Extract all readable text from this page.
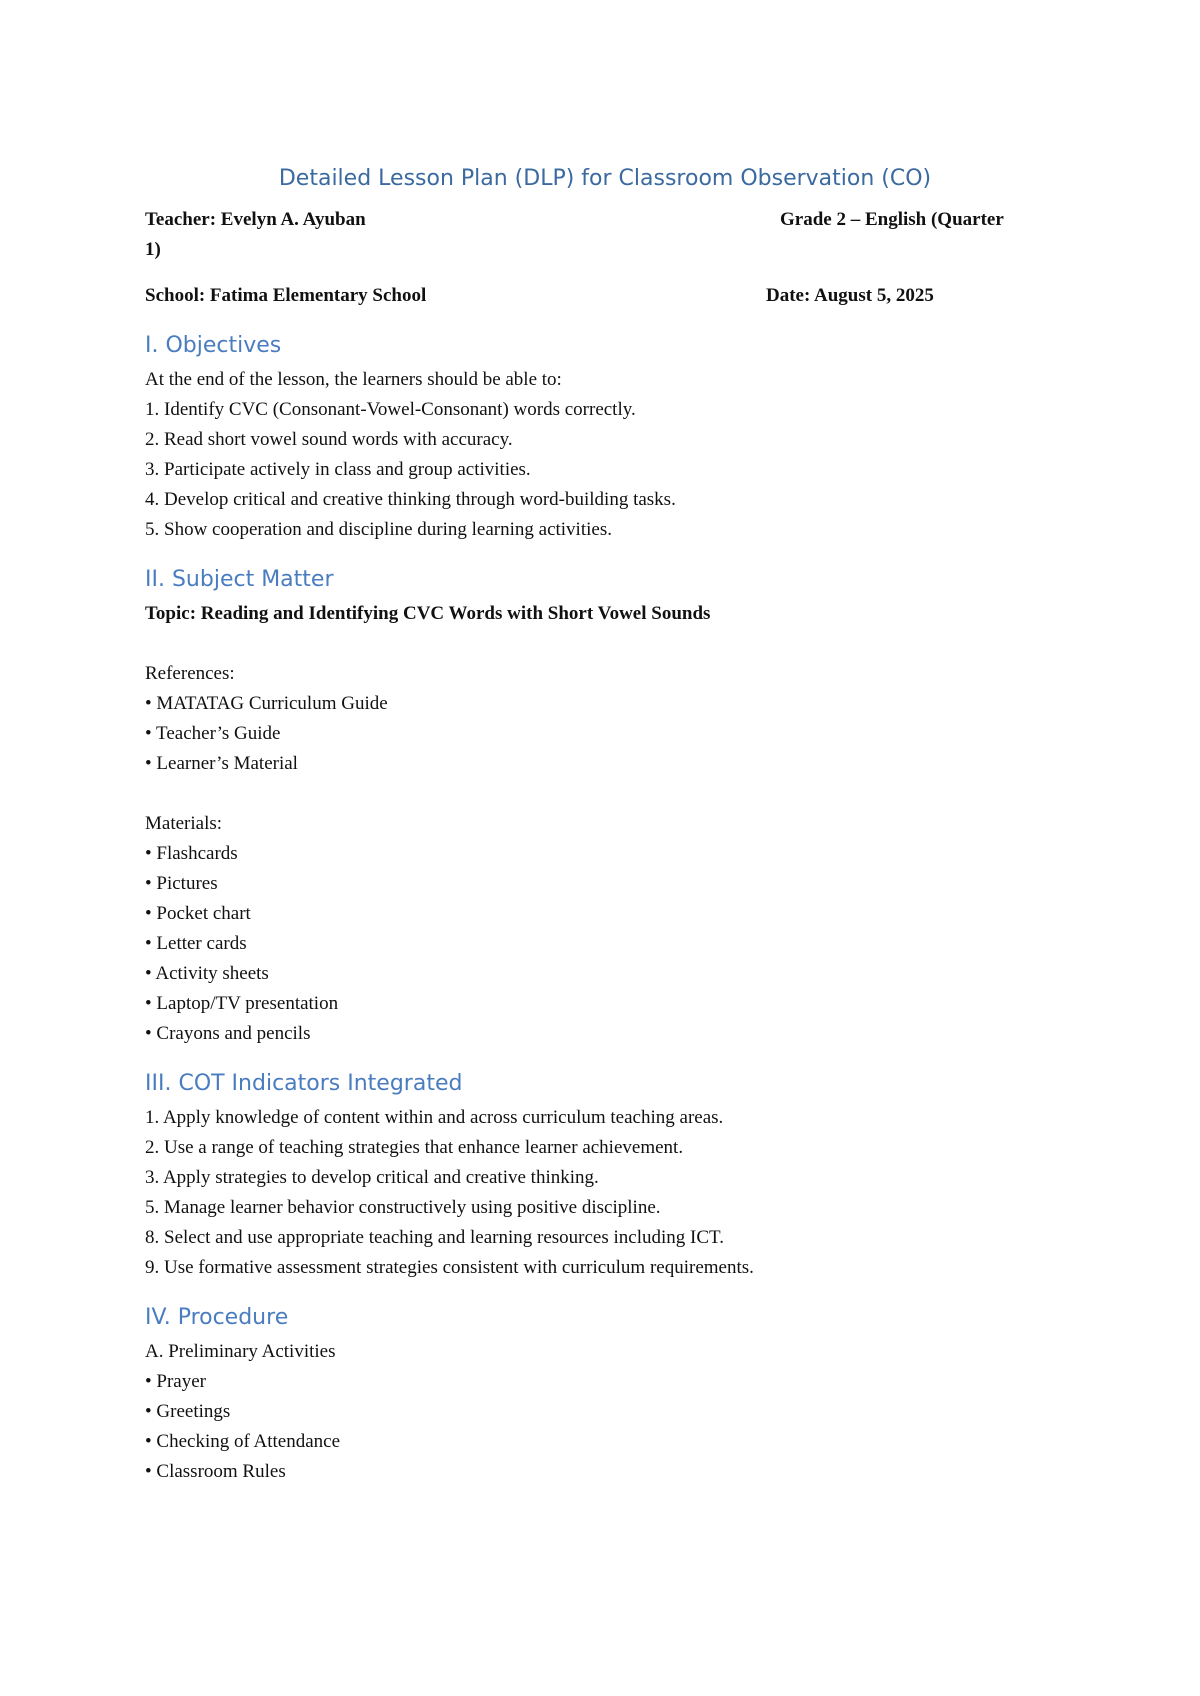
Detailed Lesson Plan (DLP) for Classroom Observation (CO)
Teacher: Evelyn A. Ayuban	Grade 2 – English (Quarter
1)
School: Fatima Elementary School	Date: August 5, 2025
I. Objectives

At the end of the lesson, the learners should be able to:

1. Identify CVC (Consonant-Vowel-Consonant) words correctly.

2. Read short vowel sound words with accuracy.

3. Participate actively in class and group activities.

4. Develop critical and creative thinking through word-building tasks.

5. Show cooperation and discipline during learning activities.

II. Subject Matter

Topic: Reading and Identifying CVC Words with Short Vowel Sounds

References:

• MATATAG Curriculum Guide

• Teacher’s Guide

• Learner’s Material

Materials:

• Flashcards

• Pictures

• Pocket chart

• Letter cards

• Activity sheets

• Laptop/TV presentation

• Crayons and pencils

III. COT Indicators Integrated

1. Apply knowledge of content within and across curriculum teaching areas.

2. Use a range of teaching strategies that enhance learner achievement.

3. Apply strategies to develop critical and creative thinking.

5. Manage learner behavior constructively using positive discipline.

8. Select and use appropriate teaching and learning resources including ICT.

9. Use formative assessment strategies consistent with curriculum requirements.

IV. Procedure

A. Preliminary Activities

• Prayer

• Greetings

• Checking of Attendance

• Classroom Rules
